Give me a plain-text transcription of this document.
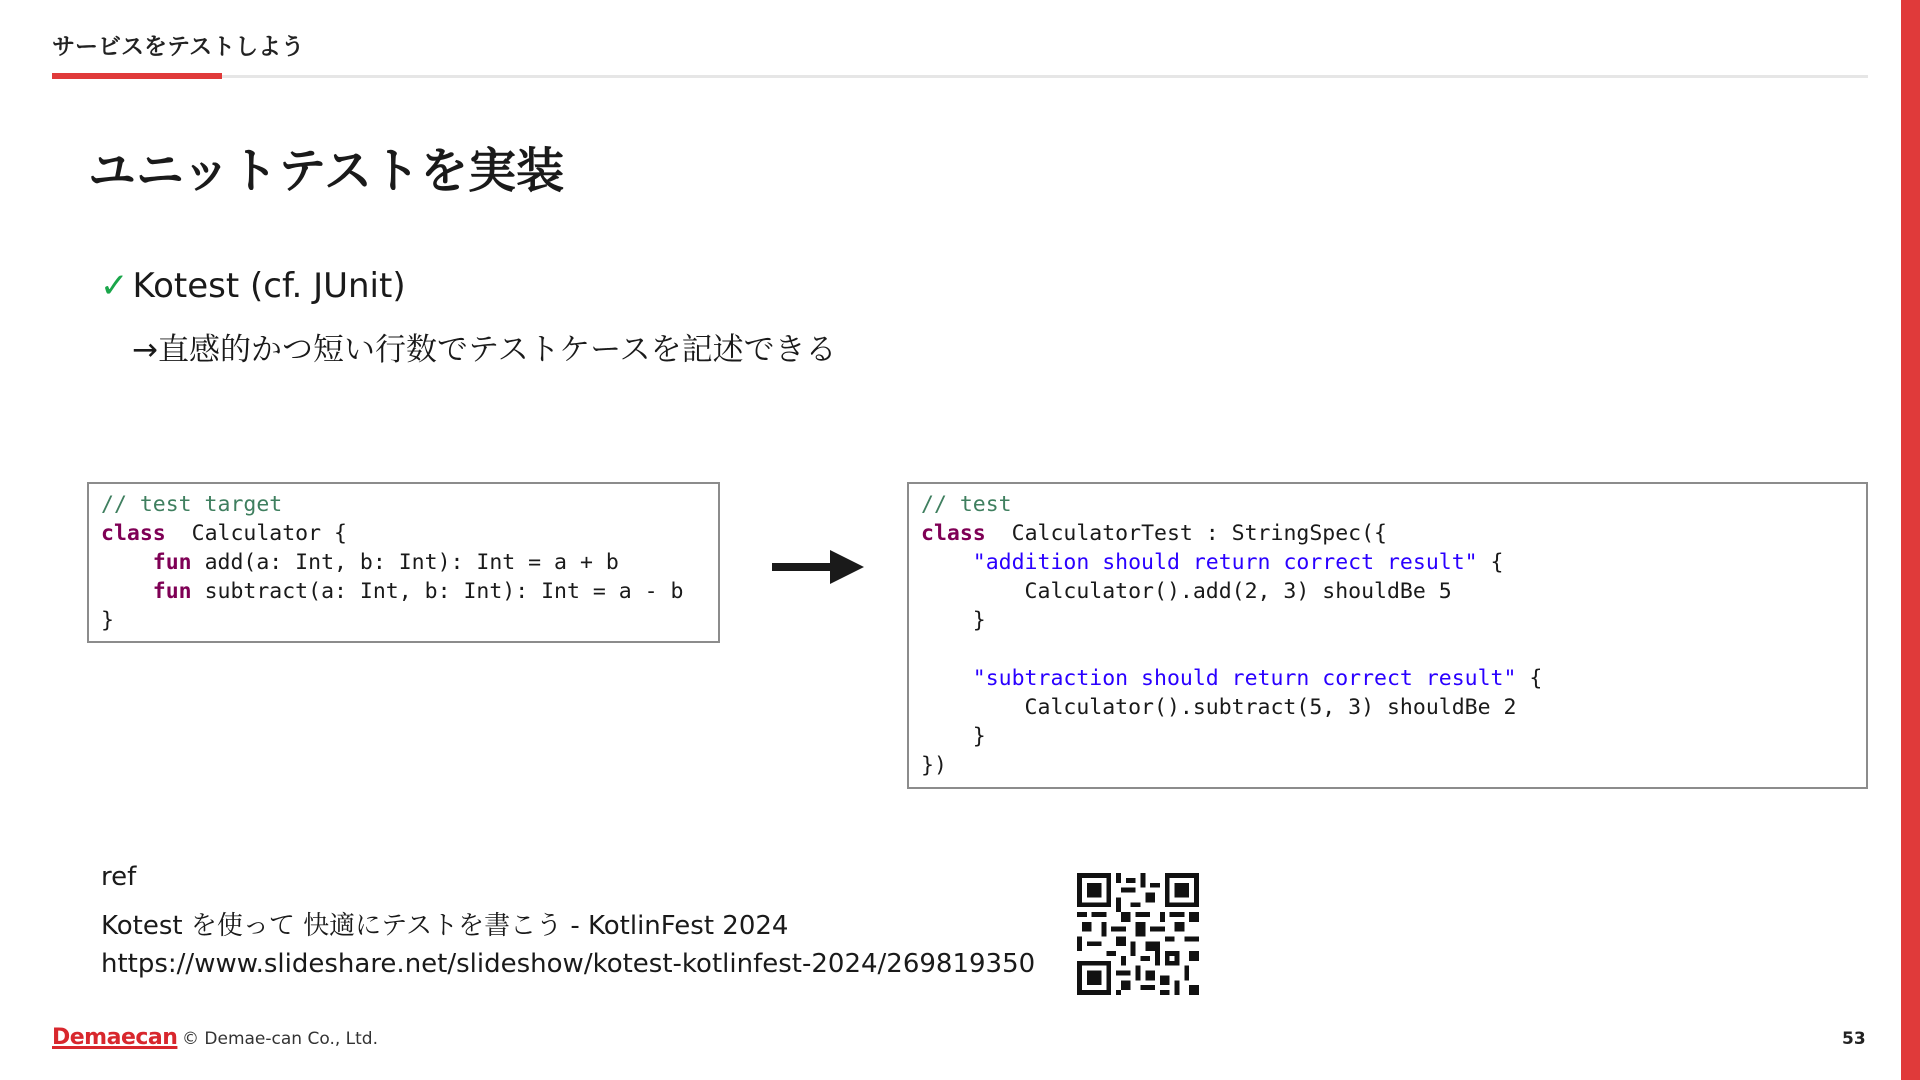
サービスをテストしよう
ユニットテストを実装
✓ Kotest (cf. JUnit)
→直感的かつ短い行数でテストケースを記述できる
// test target
class  Calculator {
fun add(a: Int, b: Int): Int = a + b
fun subtract(a: Int, b: Int): Int = a - b
}
// test
class  CalculatorTest : StringSpec({
"addition should return correct result" {
Calculator().add(2, 3) shouldBe 5
}

"subtraction should return correct result" {
Calculator().subtract(5, 3) shouldBe 2
}
})
ref
Kotest を使って 快適にテストを書こう - KotlinFest 2024
https://www.slideshare.net/slideshow/kotest-kotlinfest-2024/269819350
Demaecan © Demae-can Co., Ltd.	53
